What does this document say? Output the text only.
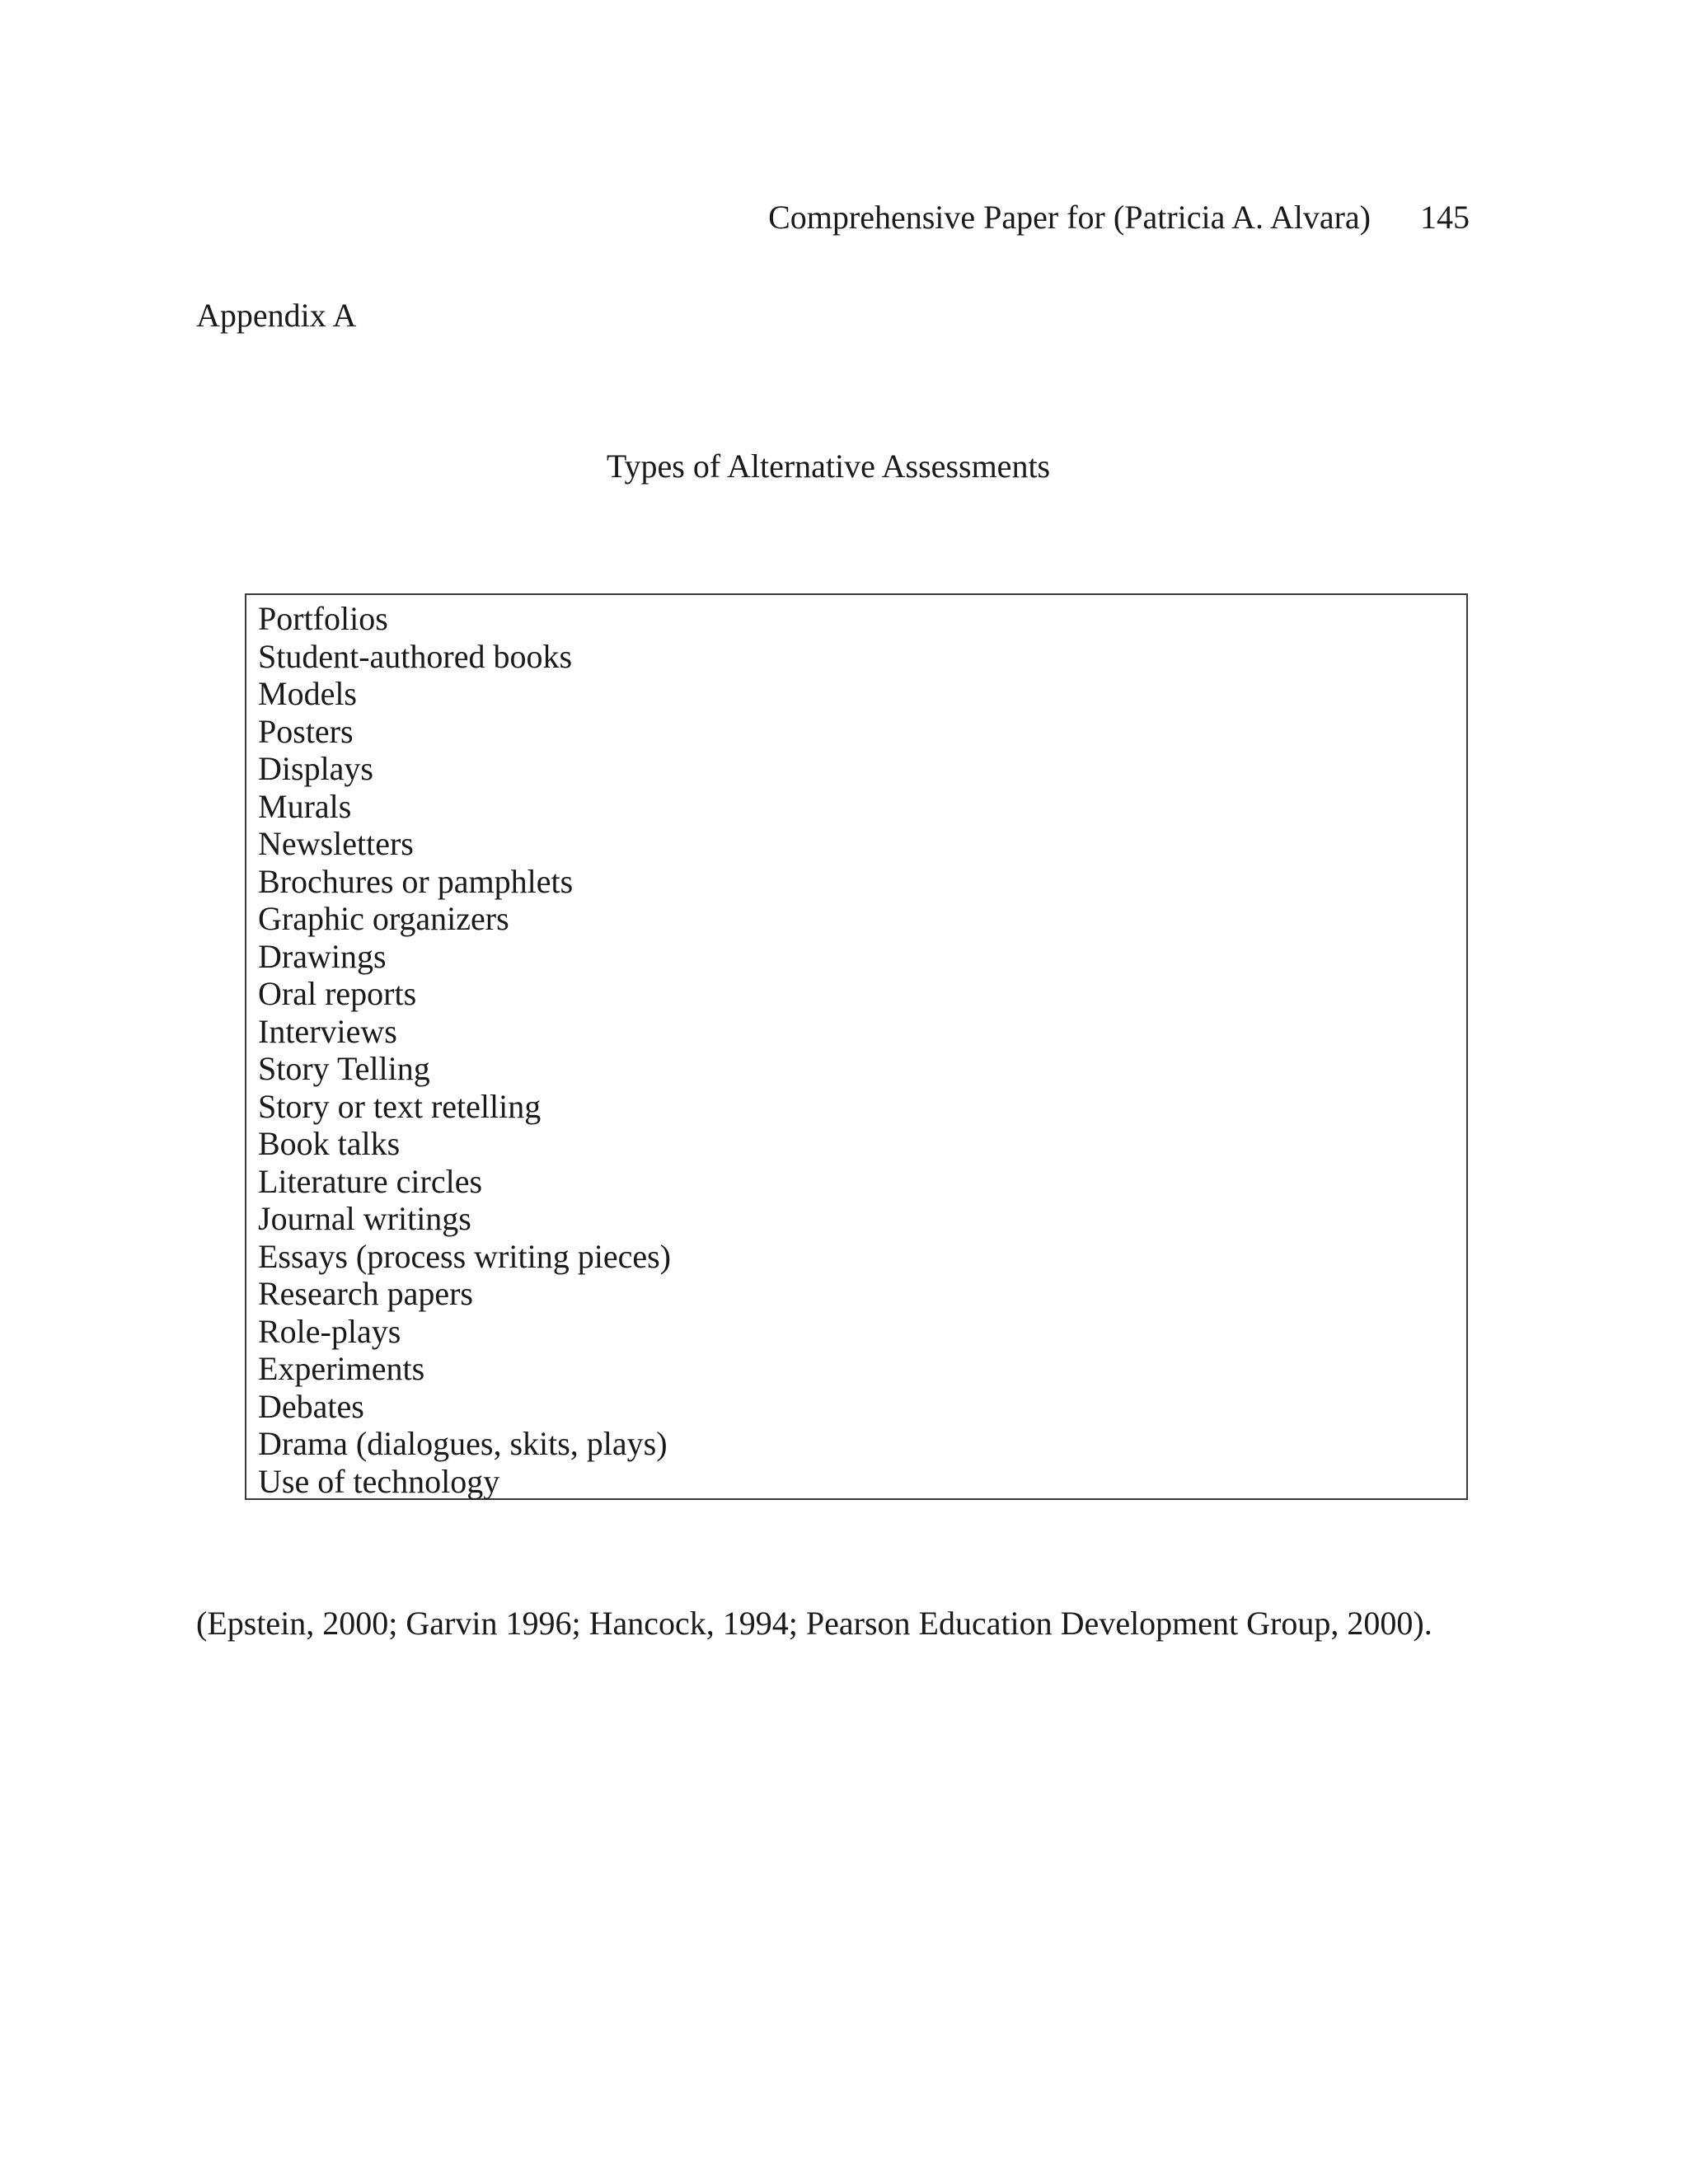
Comprehensive Paper for (Patricia A. Alvara) 145
Appendix A
Types of Alternative Assessments
Portfolios
Student-authored books
Models
Posters
Displays
Murals
Newsletters
Brochures or pamphlets
Graphic organizers
Drawings
Oral reports
Interviews
Story Telling
Story or text retelling
Book talks
Literature circles
Journal writings
Essays (process writing pieces)
Research papers
Role-plays
Experiments
Debates
Drama (dialogues, skits, plays)
Use of technology
(Epstein, 2000; Garvin 1996; Hancock, 1994; Pearson Education Development Group, 2000).
